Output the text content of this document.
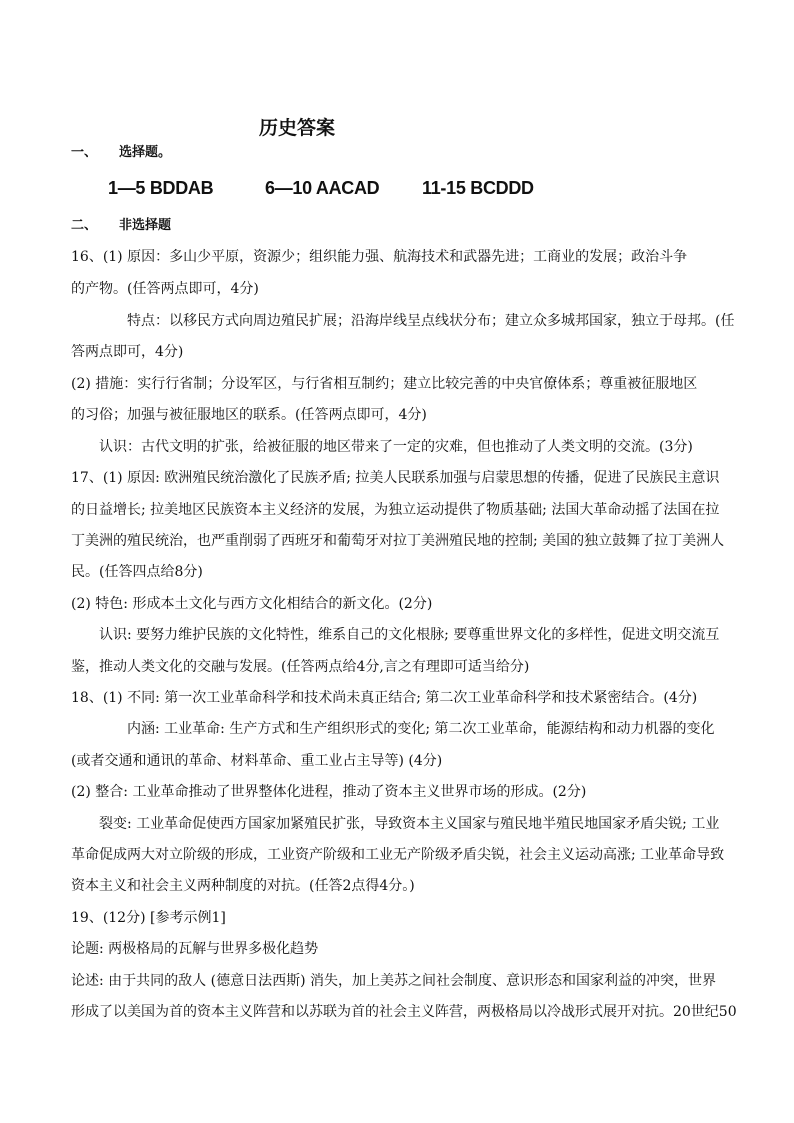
历史答案
一、 选择题。
1—5 BDDAB	6—10 AACAD 11-15 BCDDD
二、 非选择题
16、(1) 原因：多山少平原，资源少；组织能力强、航海技术和武器先进；工商业的发展；政治斗争
的产物。(任答两点即可，4分)
特点：以移民方式向周边殖民扩展；沿海岸线呈点线状分布；建立众多城邦国家，独立于母邦。(任
答两点即可，4分)
(2) 措施：实行行省制；分设军区，与行省相互制约；建立比较完善的中央官僚体系；尊重被征服地区
的习俗；加强与被征服地区的联系。(任答两点即可，4分)
认识：古代文明的扩张，给被征服的地区带来了一定的灾难，但也推动了人类文明的交流。(3分)
17、(1) 原因: 欧洲殖民统治激化了民族矛盾; 拉美人民联系加强与启蒙思想的传播，促进了民族民主意识
的日益增长; 拉美地区民族资本主义经济的发展，为独立运动提供了物质基础; 法国大革命动摇了法国在拉
丁美洲的殖民统治，也严重削弱了西班牙和葡萄牙对拉丁美洲殖民地的控制; 美国的独立鼓舞了拉丁美洲人
民。(任答四点给8分)
(2) 特色: 形成本土文化与西方文化相结合的新文化。(2分)
认识: 要努力维护民族的文化特性，维系自己的文化根脉; 要尊重世界文化的多样性，促进文明交流互
鉴，推动人类文化的交融与发展。(任答两点给4分,言之有理即可适当给分)
18、(1) 不同: 第一次工业革命科学和技术尚未真正结合; 第二次工业革命科学和技术紧密结合。(4分)
内涵: 工业革命: 生产方式和生产组织形式的变化; 第二次工业革命，能源结构和动力机器的变化
(或者交通和通讯的革命、材料革命、重工业占主导等) (4分)
(2) 整合: 工业革命推动了世界整体化进程，推动了资本主义世界市场的形成。(2分)
裂变: 工业革命促使西方国家加紧殖民扩张，导致资本主义国家与殖民地半殖民地国家矛盾尖锐; 工业
革命促成两大对立阶级的形成，工业资产阶级和工业无产阶级矛盾尖锐，社会主义运动高涨; 工业革命导致
资本主义和社会主义两种制度的对抗。(任答2点得4分。)
19、(12分) [参考示例1]
论题: 两极格局的瓦解与世界多极化趋势
论述: 由于共同的敌人 (德意日法西斯) 消失，加上美苏之间社会制度、意识形态和国家利益的冲突，世界
形成了以美国为首的资本主义阵营和以苏联为首的社会主义阵营，两极格局以冷战形式展开对抗。20世纪50
